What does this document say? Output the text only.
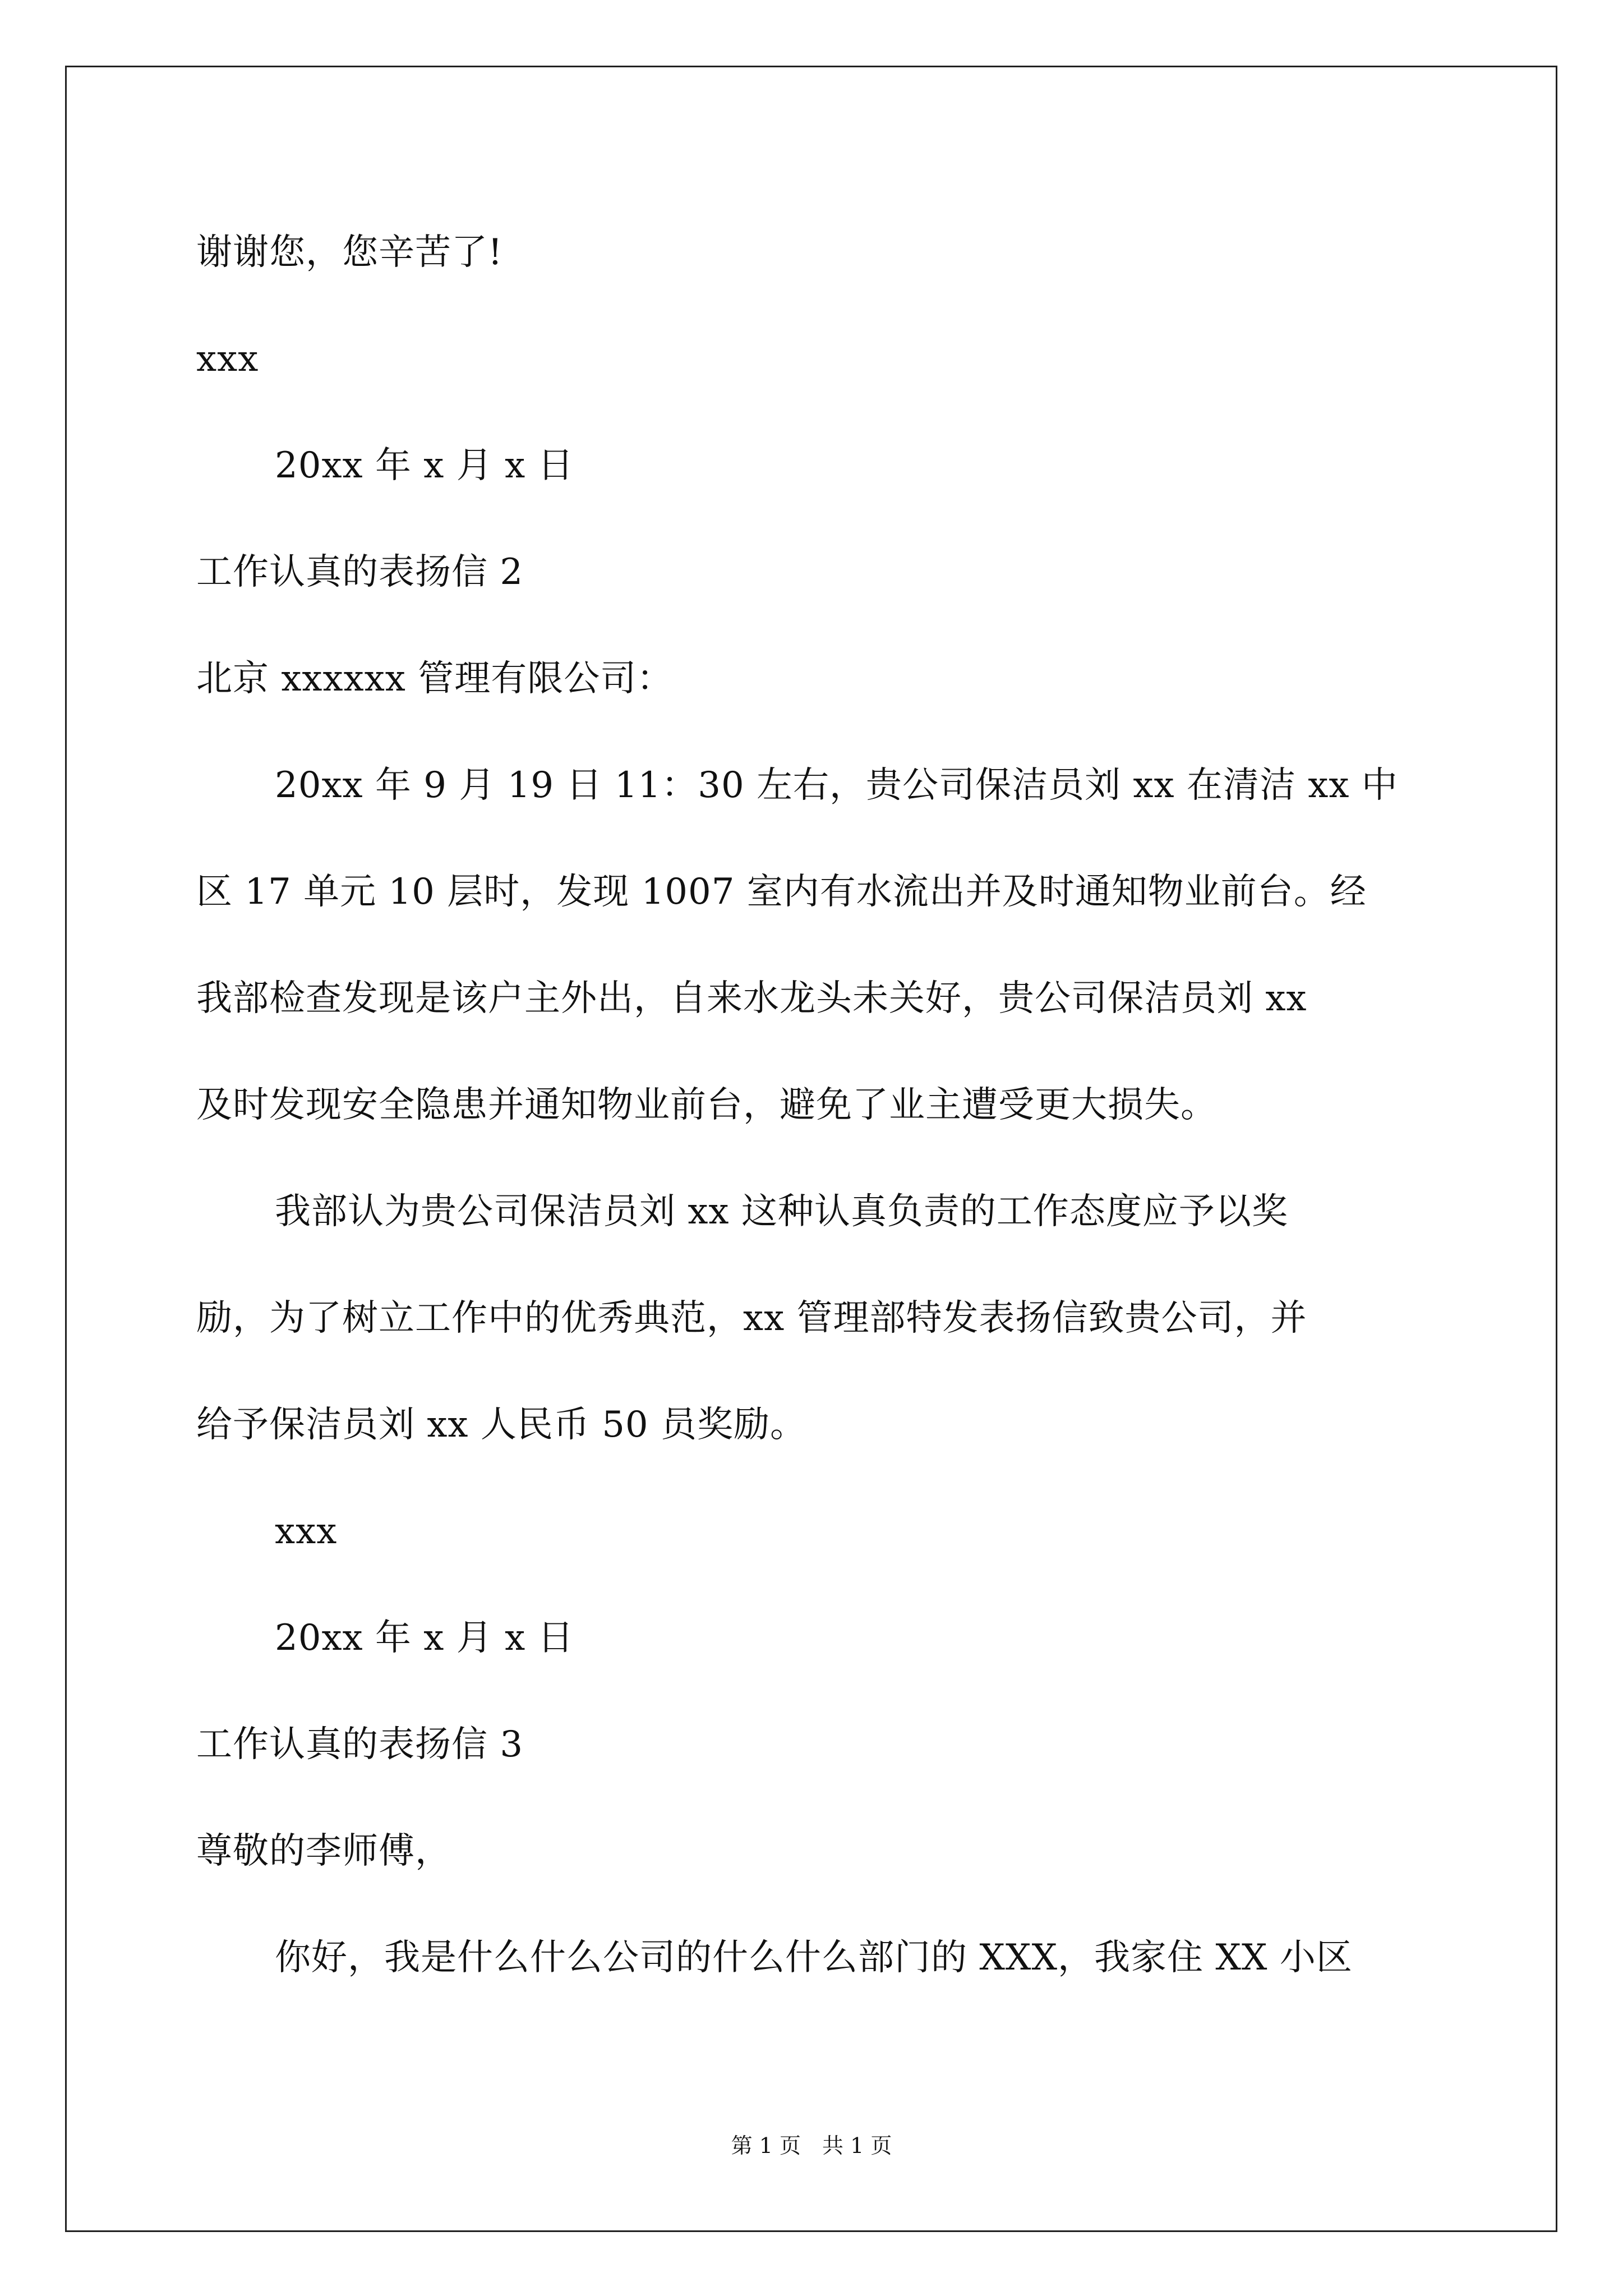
谢谢您，您辛苦了!
xxx
20xx 年 x 月 x 日
工作认真的表扬信 2
北京 xxxxxx 管理有限公司：
20xx 年 9 月 19 日 11：30 左右，贵公司保洁员刘 xx 在清洁 xx 中
区 17 单元 10 层时，发现 1007 室内有水流出并及时通知物业前台。经
我部检查发现是该户主外出，自来水龙头未关好，贵公司保洁员刘 xx
及时发现安全隐患并通知物业前台，避免了业主遭受更大损失。
我部认为贵公司保洁员刘 xx 这种认真负责的工作态度应予以奖
励，为了树立工作中的优秀典范，xx 管理部特发表扬信致贵公司，并
给予保洁员刘 xx 人民币 50 员奖励。
xxx
20xx 年 x 月 x 日
工作认真的表扬信 3
尊敬的李师傅，
你好，我是什么什么公司的什么什么部门的 XXX，我家住 XX 小区
第 1 页　共 1 页
